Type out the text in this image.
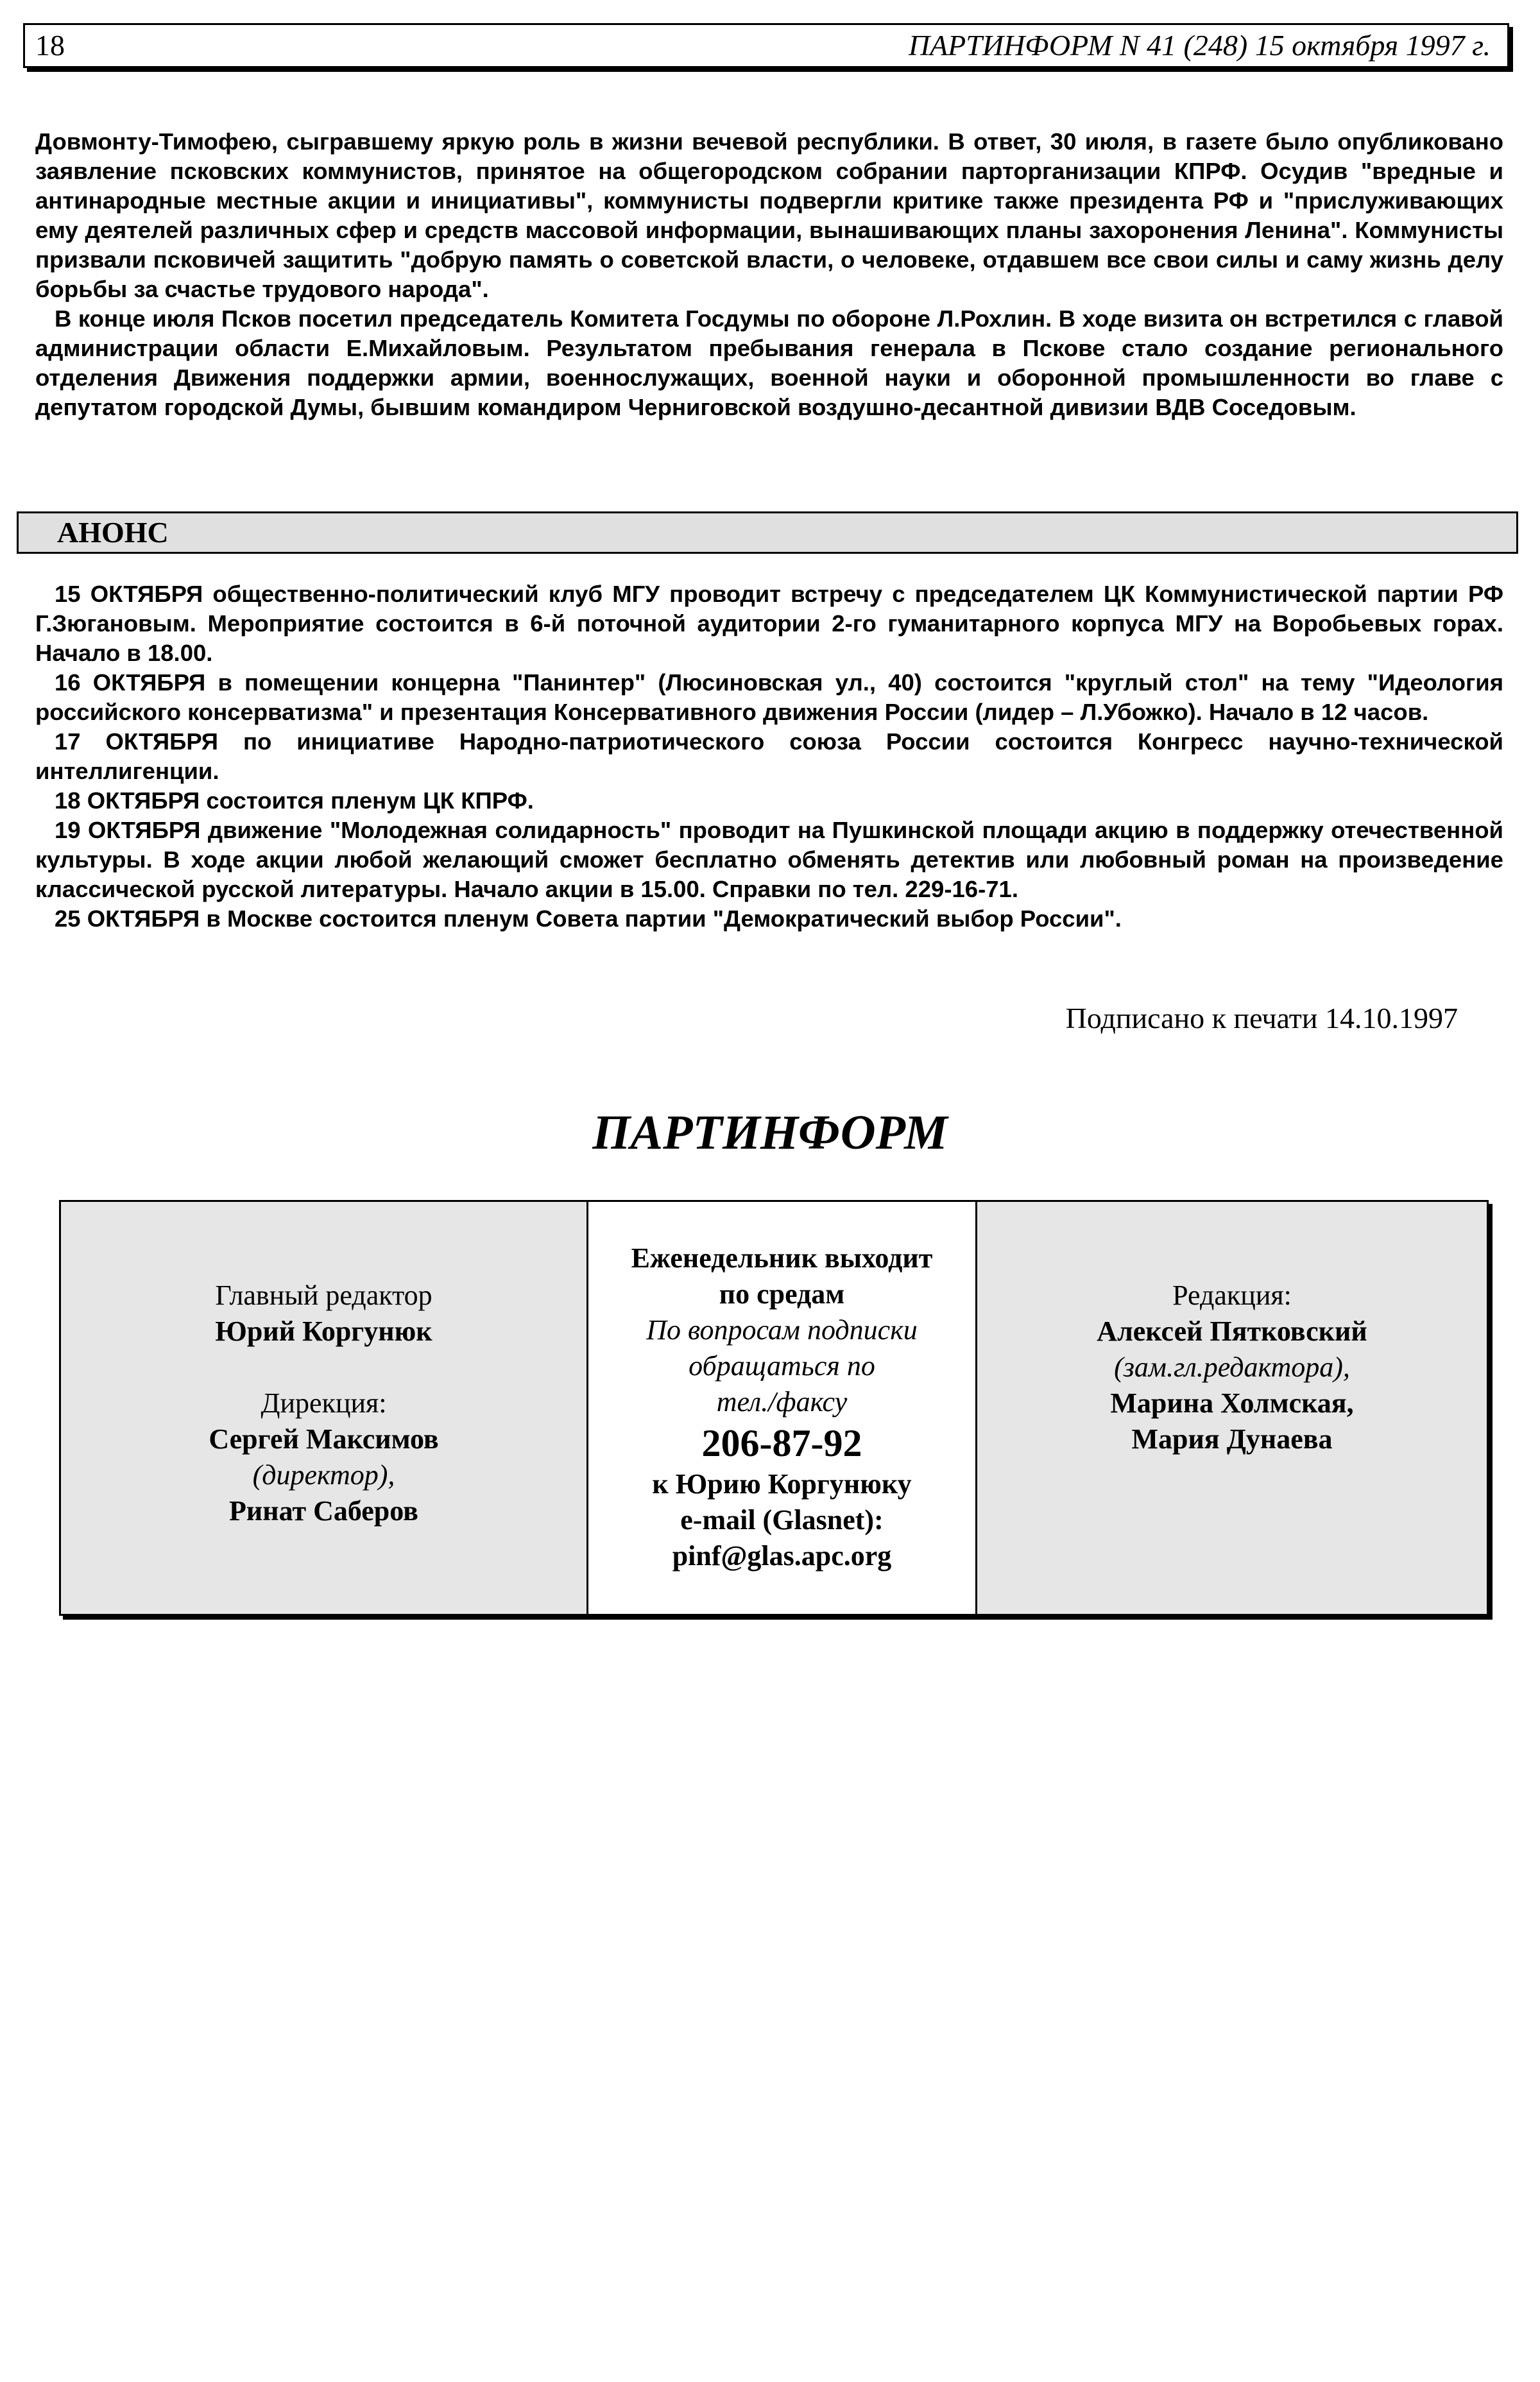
18	ПАРТИНФОРМ N 41 (248) 15 октября 1997 г.

Довмонту-Тимофею, сыгравшему яркую роль в жизни вечевой республики. В ответ, 30 июля, в газете было опубликовано заявление псковских коммунистов, принятое на общегородском собрании парторганизации КПРФ. Осудив "вредные и антинародные местные акции и инициативы", коммунисты подвергли критике также президента РФ и "прислуживающих ему деятелей различных сфер и средств массовой информации, вынашивающих планы захоронения Ленина". Коммунисты призвали псковичей защитить "добрую память о советской власти, о человеке, отдавшем все свои силы и саму жизнь делу борьбы за счастье трудового народа".

В конце июля Псков посетил председатель Комитета Госдумы по обороне Л.Рохлин. В ходе визита он встретился с главой администрации области Е.Михайловым. Результатом пребывания генерала в Пскове стало создание регионального отделения Движения поддержки армии, военнослужащих, военной науки и оборонной промышленности во главе с депутатом городской Думы, бывшим командиром Черниговской воздушно-десантной дивизии ВДВ Соседовым.

АНОНС

15 ОКТЯБРЯ общественно-политический клуб МГУ проводит встречу с председателем ЦК Коммунистической партии РФ Г.Зюгановым. Мероприятие состоится в 6-й поточной аудитории 2-го гуманитарного корпуса МГУ на Воробьевых горах. Начало в 18.00.

16 ОКТЯБРЯ в помещении концерна "Панинтер" (Люсиновская ул., 40) состоится "круглый стол" на тему "Идеология российского консерватизма" и презентация Консервативного движения России (лидер – Л.Убожко). Начало в 12 часов.

17 ОКТЯБРЯ по инициативе Народно-патриотического союза России состоится Конгресс научно-технической интеллигенции.

18 ОКТЯБРЯ состоится пленум ЦК КПРФ.

19 ОКТЯБРЯ движение "Молодежная солидарность" проводит на Пушкинской площади акцию в поддержку отечественной культуры. В ходе акции любой желающий сможет бесплатно обменять детектив или любовный роман на произведение классической русской литературы. Начало акции в 15.00. Справки по тел. 229-16-71.

25 ОКТЯБРЯ в Москве состоится пленум Совета партии "Демократический выбор России".

Подписано к печати 14.10.1997
ПАРТИНФОРМ
Главный редактор
Юрий Коргунюк
Дирекция:
Сергей Максимов
(директор),
Ринат Саберов
Еженедельник выходит
по средам
По вопросам подписки
обращаться по
тел./факсу
206-87-92
к Юрию Коргунюку
e-mail (Glasnet):
pinf@glas.apc.org
Редакция:
Алексей Пятковский
(зам.гл.редактора),
Марина Холмская,
Мария Дунаева
